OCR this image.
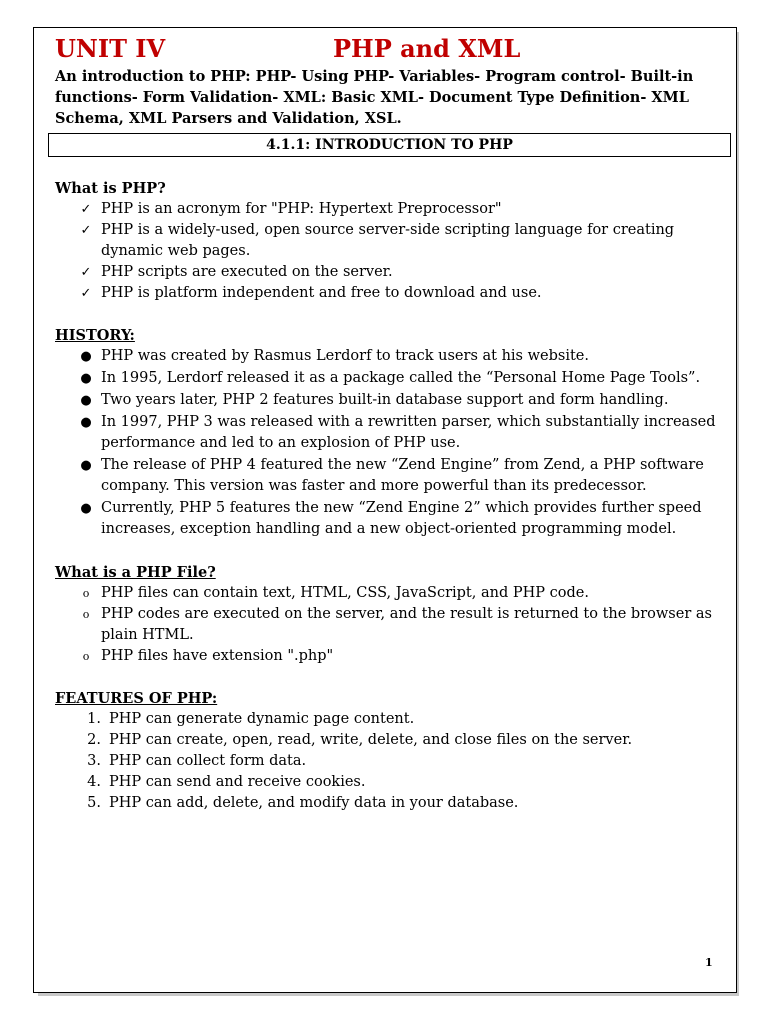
UNIT IV	PHP and XML
An introduction to PHP: PHP- Using PHP- Variables- Program control- Built-in functions- Form Validation- XML: Basic XML- Document Type Definition- XML Schema, XML Parsers and Validation, XSL.
4.1.1: INTRODUCTION TO PHP
What is PHP?
✓ PHP is an acronym for "PHP: Hypertext Preprocessor"
✓ PHP is a widely-used, open source server-side scripting language for creating dynamic web pages.
✓ PHP scripts are executed on the server.
✓ PHP is platform independent and free to download and use.
HISTORY:
● PHP was created by Rasmus Lerdorf to track users at his website.
● In 1995, Lerdorf released it as a package called the “Personal Home Page Tools”.
● Two years later, PHP 2 features built-in database support and form handling.
● In 1997, PHP 3 was released with a rewritten parser, which substantially increased performance and led to an explosion of PHP use.
● The release of PHP 4 featured the new “Zend Engine” from Zend, a PHP software company. This version was faster and more powerful than its predecessor.
● Currently, PHP 5 features the new “Zend Engine 2” which provides further speed increases, exception handling and a new object-oriented programming model.
What is a PHP File?
o PHP files can contain text, HTML, CSS, JavaScript, and PHP code.
o PHP codes are executed on the server, and the result is returned to the browser as plain HTML.
o PHP files have extension ".php"
FEATURES OF PHP:
1. PHP can generate dynamic page content.
2. PHP can create, open, read, write, delete, and close files on the server.
3. PHP can collect form data.
4. PHP can send and receive cookies.
5. PHP can add, delete, and modify data in your database.
1
